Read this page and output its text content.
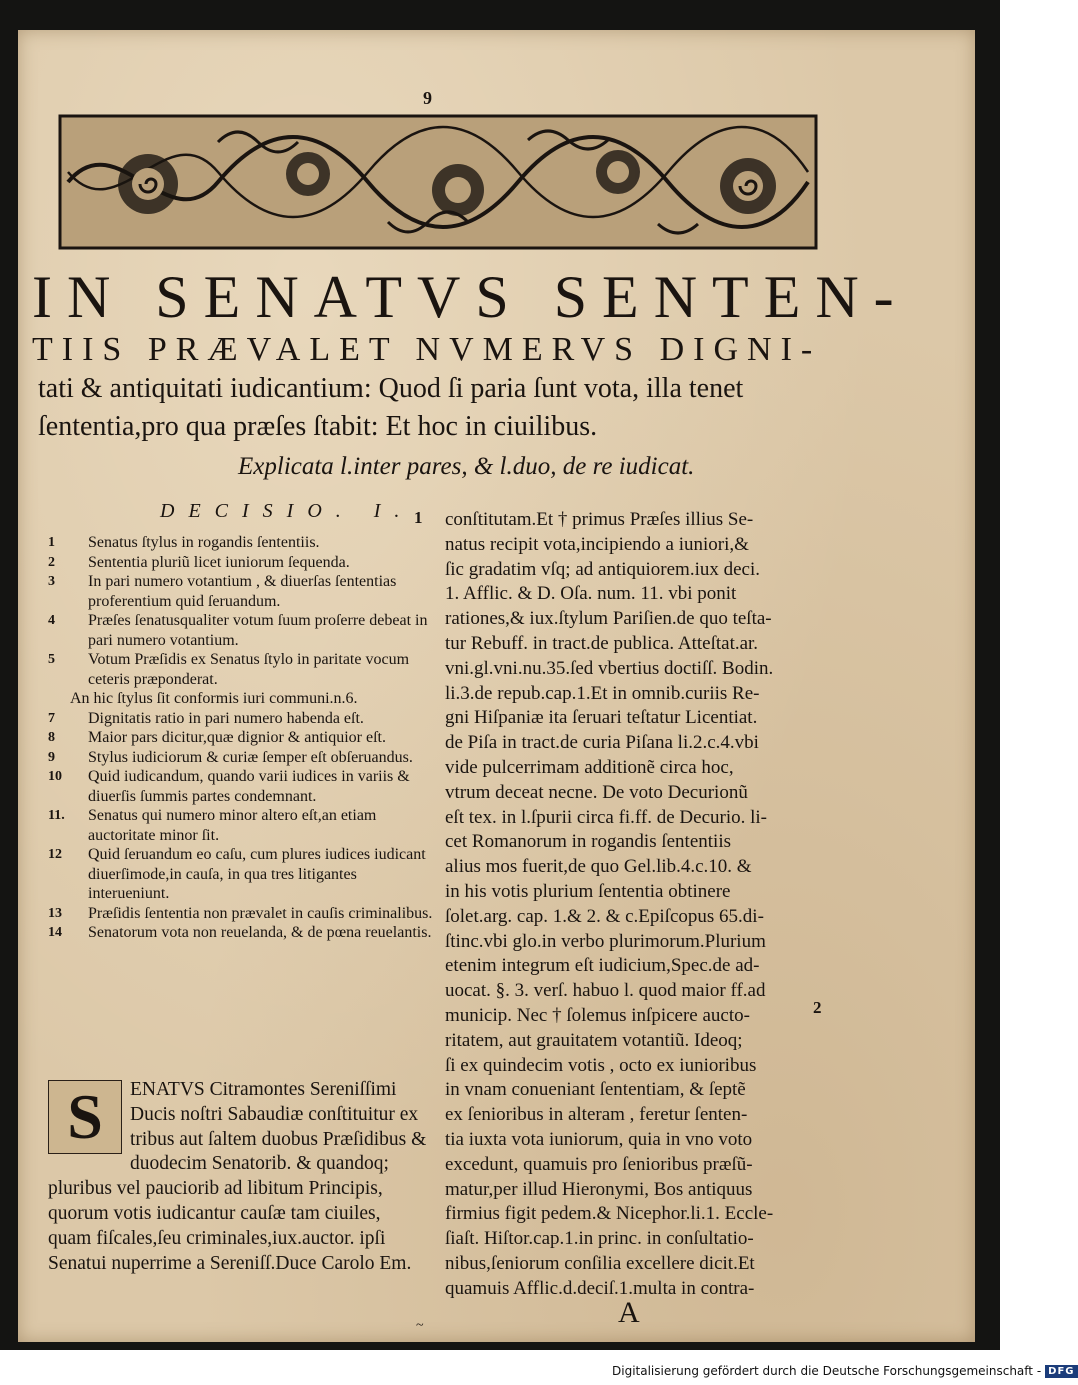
9
IN SENATVS SENTEN-
TIIS PRÆVALET NVMERVS DIGNI-
tati & antiquitati iudicantium: Quod ſi paria ſunt vota, illa tenet
ſententia,pro qua præſes ſtabit: Et hoc in ciuilibus.
Explicata l.inter pares, & l.duo, de re iudicat.
DECISIO. I.
1 Senatus ſtylus in rogandis ſententiis.
2 Sententia pluriũ licet iuniorum ſequenda.
3 In pari numero votantium , & diuerſas ſententias proferentium quid ſeruandum.
4 Præſes ſenatusqualiter votum ſuum proſerre debeat in pari numero votantium.
5 Votum Præſidis ex Senatus ſtylo in paritate vocum ceteris præponderat.
An hic ſtylus ſit conformis iuri communi.n.6.
7 Dignitatis ratio in pari numero habenda eſt.
8 Maior pars dicitur,quæ dignior & antiquior eſt.
9 Stylus iudiciorum & curiæ ſemper eſt obſeruandus.
10 Quid iudicandum, quando varii iudices in variis & diuerſis ſummis partes condemnant.
11. Senatus qui numero minor altero eſt,an etiam auctoritate minor ſit.
12 Quid ſeruandum eo caſu, cum plures iudices iudicant diuerſimode,in cauſa, in qua tres litigantes interueniunt.
13 Præſidis ſententia non prævalet in cauſis criminalibus.
14 Senatorum vota non reuelanda, & de pœna reuelantis.
S	ENATVS Citramontes Sereniſſimi Ducis noſtri Sabaudiæ conſtituitur ex tribus aut ſaltem duobus Præſidibus & duodecim Senatorib. & quandoq; pluribus vel pauciorib ad libitum Principis, quorum votis iudicantur cauſæ tam ciuiles, quam fiſcales,ſeu criminales,iux.auctor. ipſi Senatui nuperrime a Sereniſſ.Duce Carolo Em.
1 conſtitutam.Et † primus Præſes illius Se-
natus recipit vota,incipiendo a iuniori,&
ſic gradatim vſq; ad antiquiorem.iux deci.
1. Afflic. & D. Oſa. num. 11. vbi ponit
rationes,& iux.ſtylum Pariſien.de quo teſta-
tur Rebuff. in tract.de publica. Atteſtat.ar.
vni.gl.vni.nu.35.ſed vbertius doctiſſ. Bodin.
li.3.de repub.cap.1.Et in omnib.curiis Re-
gni Hiſpaniæ ita ſeruari teſtatur Licentiat.
de Piſa in tract.de curia Piſana li.2.c.4.vbi
vide pulcerrimam additionẽ circa hoc,
vtrum deceat necne. De voto Decurionũ
eſt tex. in l.ſpurii circa fi.ff. de Decurio. li-
cet Romanorum in rogandis ſententiis
alius mos fuerit,de quo Gel.lib.4.c.10. &
in his votis plurium ſententia obtinere
ſolet.arg. cap. 1.& 2. & c.Epiſcopus 65.di-
ſtinc.vbi glo.in verbo plurimorum.Plurium
etenim integrum eſt iudicium,Spec.de ad-
uocat. §. 3. verſ. habuo l. quod maior ff.ad
municip. Nec † ſolemus inſpicere aucto-
ritatem, aut grauitatem votantiũ. Ideoq;
ſi ex quindecim votis , octo ex iunioribus
in vnam conueniant ſententiam, & ſeptẽ
ex ſenioribus in alteram , feretur ſenten-
tia iuxta vota iuniorum, quia in vno voto
excedunt, quamuis pro ſenioribus præſũ-
matur,per illud Hieronymi, Bos antiquus
firmius figit pedem.& Nicephor.li.1. Eccle-
ſiaſt. Hiſtor.cap.1.in princ. in conſultatio-
nibus,ſeniorum conſilia excellere dicit.Et
quamuis Afflic.d.deciſ.1.multa in contra-
2
~	A
Digitalisierung gefördert durch die Deutsche Forschungsgemeinschaft - DFG
